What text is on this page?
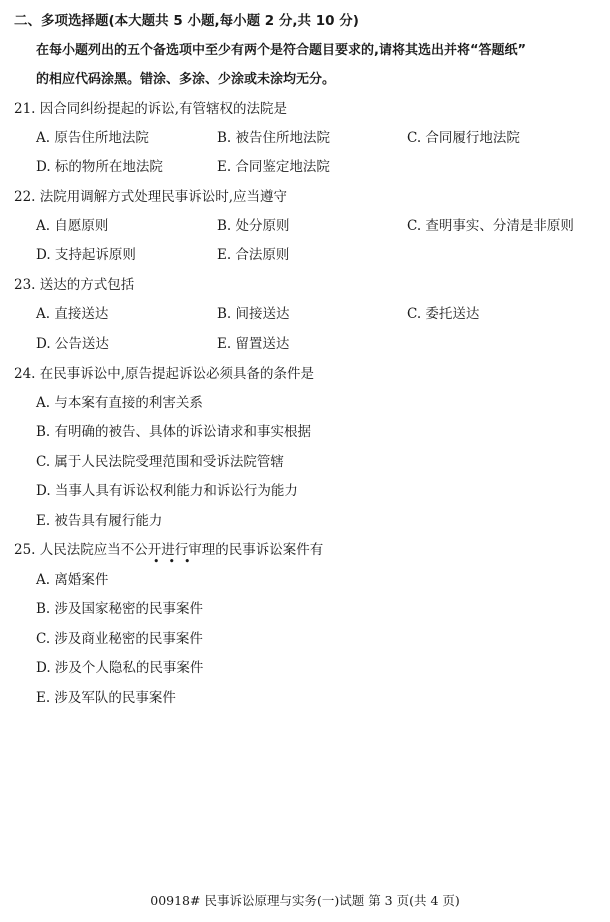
二、多项选择题(本大题共 5 小题,每小题 2 分,共 10 分)
在每小题列出的五个备选项中至少有两个是符合题目要求的,请将其选出并将“答题纸”
的相应代码涂黑。错涂、多涂、少涂或未涂均无分。
21. 因合同纠纷提起的诉讼,有管辖权的法院是
A. 原告住所地法院	B. 被告住所地法院	C. 合同履行地法院
D. 标的物所在地法院	E. 合同鉴定地法院
22. 法院用调解方式处理民事诉讼时,应当遵守
A. 自愿原则	B. 处分原则	C. 查明事实、分清是非原则
D. 支持起诉原则	E. 合法原则
23. 送达的方式包括
A. 直接送达	B. 间接送达	C. 委托送达
D. 公告送达	E. 留置送达
24. 在民事诉讼中,原告提起诉讼必须具备的条件是
A. 与本案有直接的利害关系
B. 有明确的被告、具体的诉讼请求和事实根据
C. 属于人民法院受理范围和受诉法院管辖
D. 当事人具有诉讼权利能力和诉讼行为能力
E. 被告具有履行能力
25. 人民法院应当不公开进行审理的民事诉讼案件有
•••
A. 离婚案件
B. 涉及国家秘密的民事案件
C. 涉及商业秘密的民事案件
D. 涉及个人隐私的民事案件
E. 涉及军队的民事案件
00918# 民事诉讼原理与实务(一)试题 第 3 页(共 4 页)
